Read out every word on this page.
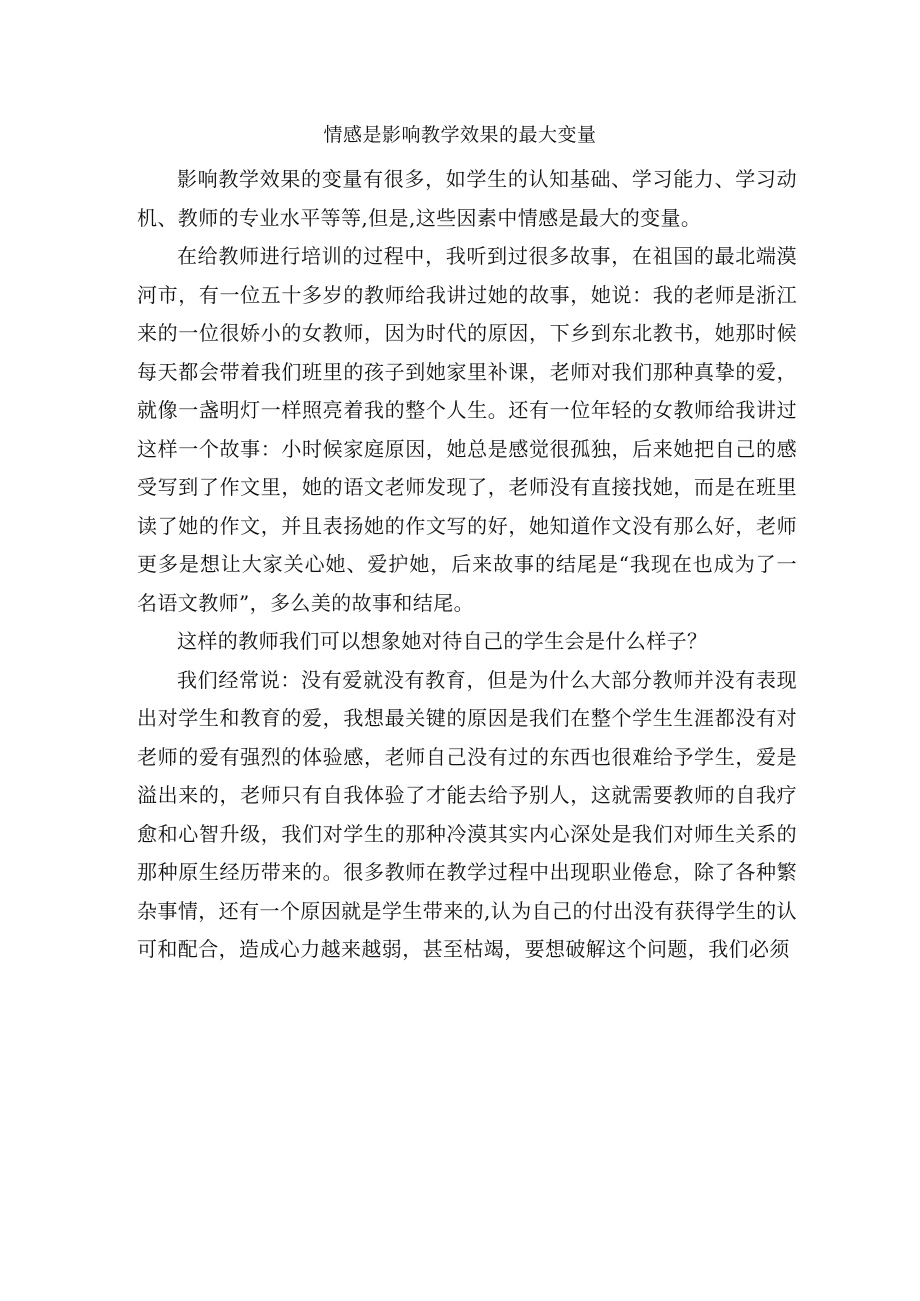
情感是影响教学效果的最大变量

影响教学效果的变量有很多，如学生的认知基础、学习能力、学习动机、教师的专业水平等等,但是,这些因素中情感是最大的变量。

在给教师进行培训的过程中，我听到过很多故事，在祖国的最北端漠河市，有一位五十多岁的教师给我讲过她的故事，她说：我的老师是浙江来的一位很娇小的女教师，因为时代的原因，下乡到东北教书，她那时候每天都会带着我们班里的孩子到她家里补课，老师对我们那种真挚的爱，就像一盏明灯一样照亮着我的整个人生。还有一位年轻的女教师给我讲过这样一个故事：小时候家庭原因，她总是感觉很孤独，后来她把自己的感受写到了作文里，她的语文老师发现了，老师没有直接找她，而是在班里读了她的作文，并且表扬她的作文写的好，她知道作文没有那么好，老师更多是想让大家关心她、爱护她，后来故事的结尾是“我现在也成为了一名语文教师”，多么美的故事和结尾。

这样的教师我们可以想象她对待自己的学生会是什么样子？

我们经常说：没有爱就没有教育，但是为什么大部分教师并没有表现出对学生和教育的爱，我想最关键的原因是我们在整个学生生涯都没有对老师的爱有强烈的体验感，老师自己没有过的东西也很难给予学生，爱是溢出来的，老师只有自我体验了才能去给予别人，这就需要教师的自我疗愈和心智升级，我们对学生的那种冷漠其实内心深处是我们对师生关系的那种原生经历带来的。很多教师在教学过程中出现职业倦怠，除了各种繁杂事情，还有一个原因就是学生带来的,认为自己的付出没有获得学生的认可和配合，造成心力越来越弱，甚至枯竭，要想破解这个问题，我们必须
